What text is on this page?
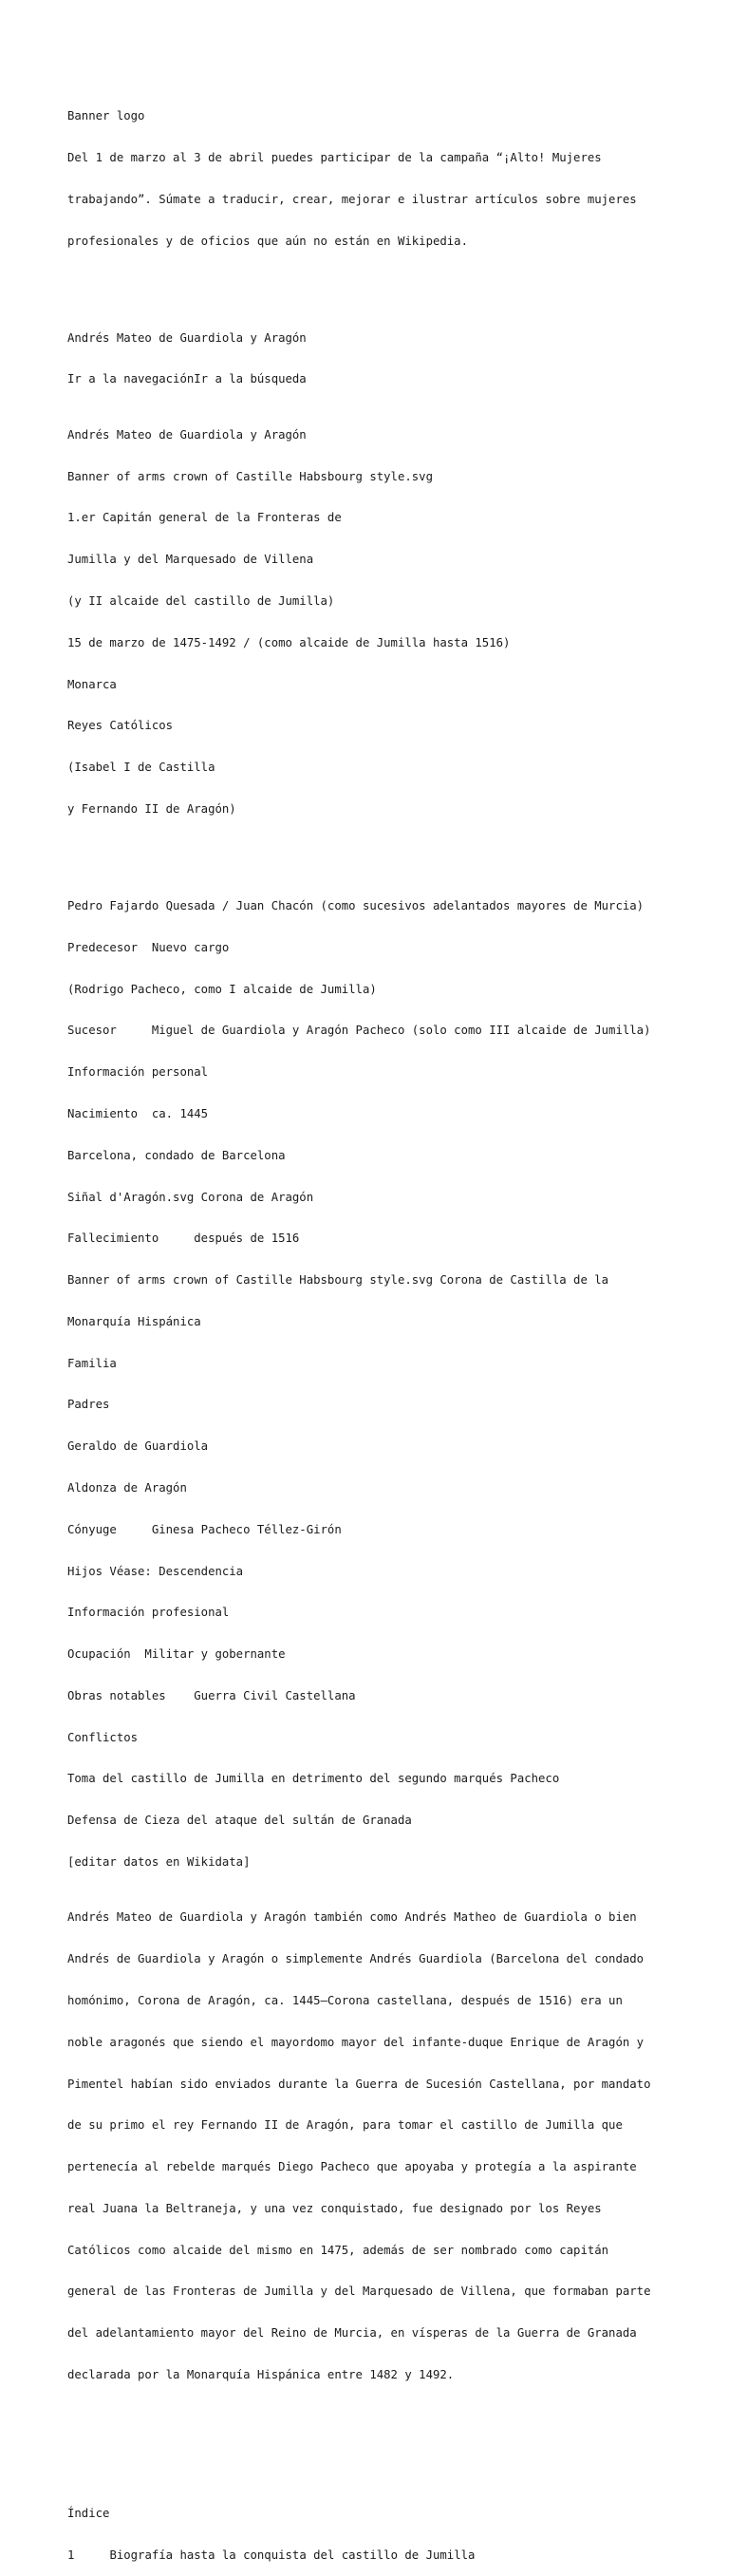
Banner logo

Del 1 de marzo al 3 de abril puedes participar de la campaña “¡Alto! Mujeres

trabajando”. Súmate a traducir, crear, mejorar e ilustrar artículos sobre mujeres

profesionales y de oficios que aún no están en Wikipedia.

Andrés Mateo de Guardiola y Aragón

Ir a la navegaciónIr a la búsqueda

Andrés Mateo de Guardiola y Aragón

Banner of arms crown of Castille Habsbourg style.svg

1.er Capitán general de la Fronteras de

Jumilla y del Marquesado de Villena

(y II alcaide del castillo de Jumilla)

15 de marzo de 1475-1492 / (como alcaide de Jumilla hasta 1516)

Monarca

Reyes Católicos

(Isabel I de Castilla

y Fernando II de Aragón)

Pedro Fajardo Quesada / Juan Chacón (como sucesivos adelantados mayores de Murcia)

Predecesor  Nuevo cargo

(Rodrigo Pacheco, como I alcaide de Jumilla)

Sucesor     Miguel de Guardiola y Aragón Pacheco (solo como III alcaide de Jumilla)

Información personal

Nacimiento  ca. 1445

Barcelona, condado de Barcelona

Siñal d'Aragón.svg Corona de Aragón

Fallecimiento     después de 1516

Banner of arms crown of Castille Habsbourg style.svg Corona de Castilla de la

Monarquía Hispánica

Familia

Padres

Geraldo de Guardiola

Aldonza de Aragón

Cónyuge     Ginesa Pacheco Téllez-Girón

Hijos Véase: Descendencia

Información profesional

Ocupación  Militar y gobernante

Obras notables    Guerra Civil Castellana

Conflictos

Toma del castillo de Jumilla en detrimento del segundo marqués Pacheco

Defensa de Cieza del ataque del sultán de Granada

[editar datos en Wikidata]

Andrés Mateo de Guardiola y Aragón también como Andrés Matheo de Guardiola o bien

Andrés de Guardiola y Aragón o simplemente Andrés Guardiola (Barcelona del condado

homónimo, Corona de Aragón, ca. 1445–Corona castellana, después de 1516) era un

noble aragonés que siendo el mayordomo mayor del infante-duque Enrique de Aragón y

Pimentel habían sido enviados durante la Guerra de Sucesión Castellana, por mandato

de su primo el rey Fernando II de Aragón, para tomar el castillo de Jumilla que

pertenecía al rebelde marqués Diego Pacheco que apoyaba y protegía a la aspirante

real Juana la Beltraneja, y una vez conquistado, fue designado por los Reyes

Católicos como alcaide del mismo en 1475, además de ser nombrado como capitán

general de las Fronteras de Jumilla y del Marquesado de Villena, que formaban parte

del adelantamiento mayor del Reino de Murcia, en vísperas de la Guerra de Granada

declarada por la Monarquía Hispánica entre 1482 y 1492.

Índice

1	Biografía hasta la conquista del castillo de Jumilla
